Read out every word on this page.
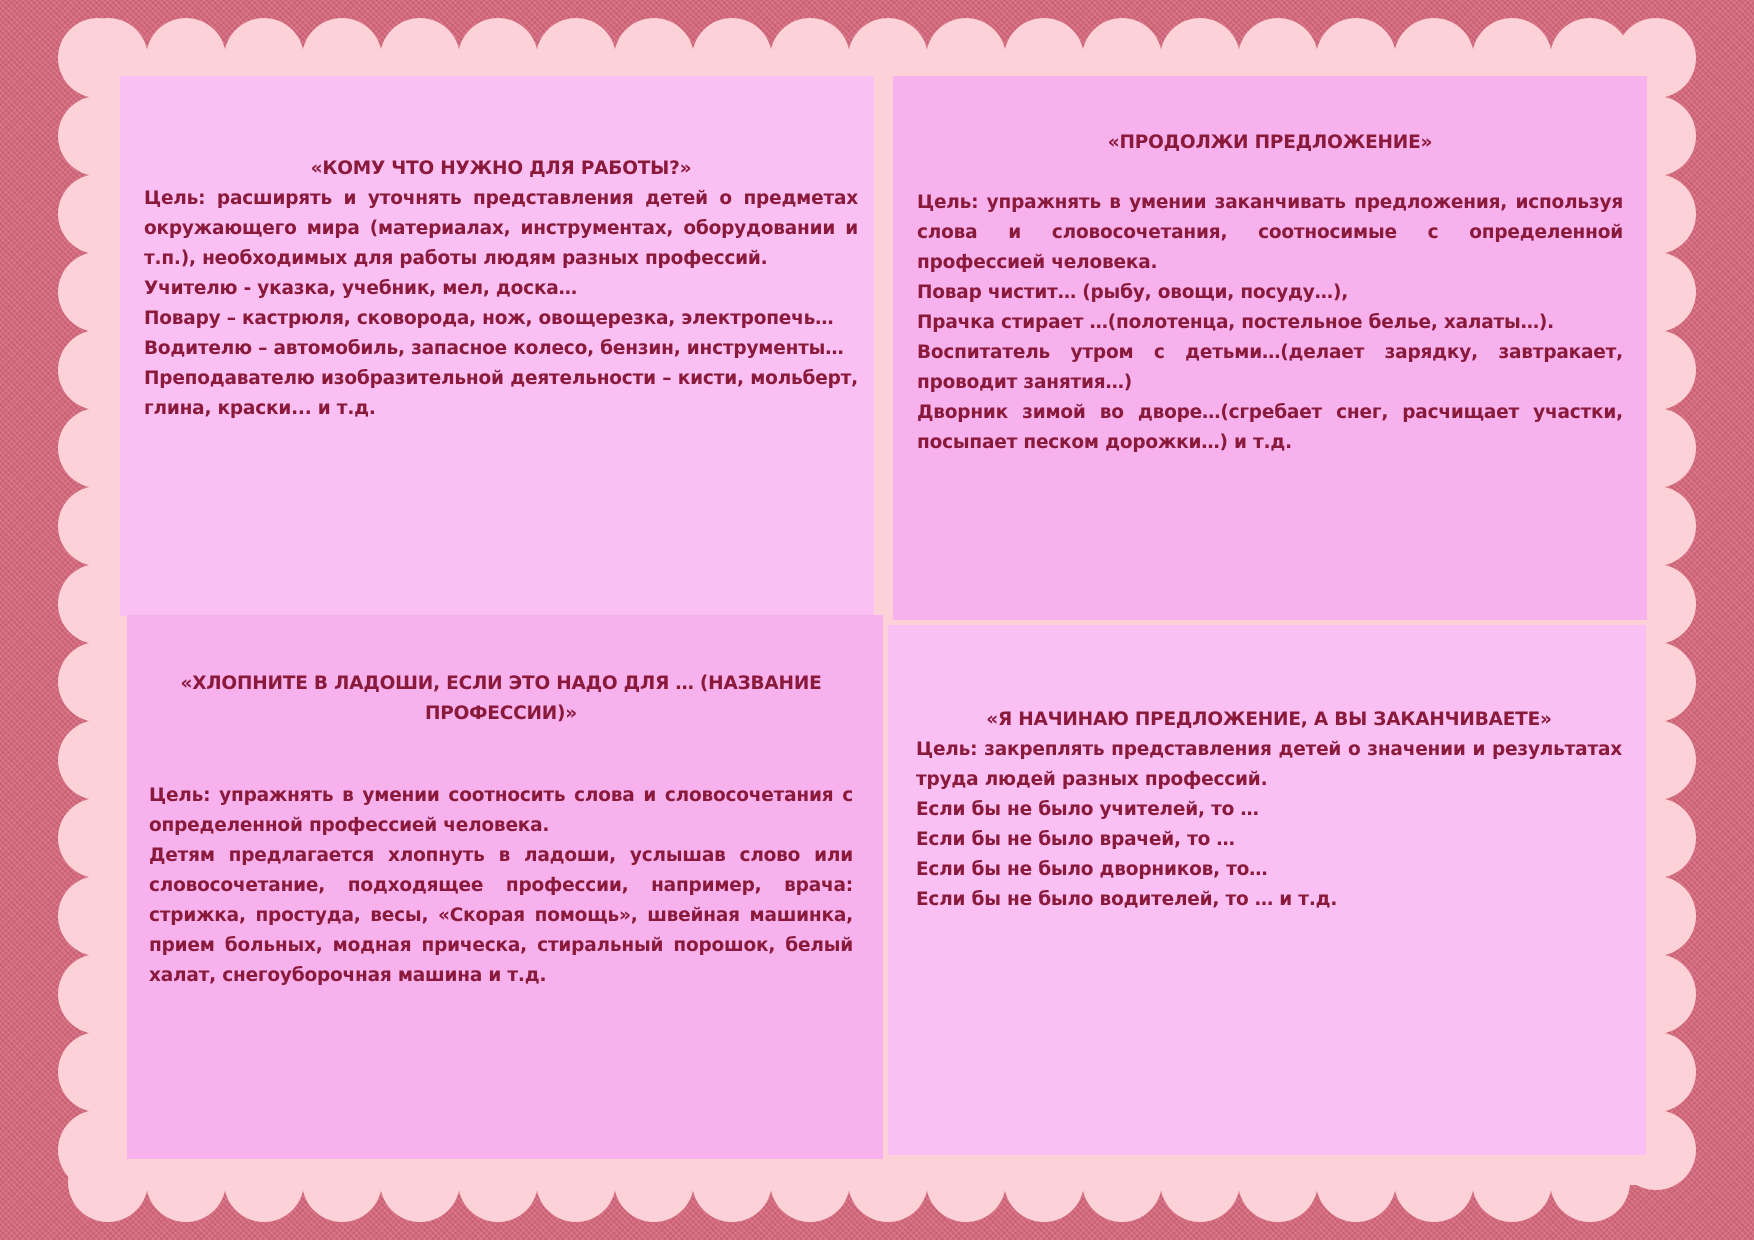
«КОМУ ЧТО НУЖНО ДЛЯ РАБОТЫ?»

Цель: расширять и уточнять представления детей о предметах окружающего мира (материалах, инструментах, оборудовании и т.п.), необходимых для работы людям разных профессий.

Учителю - указка, учебник, мел, доска…

Повару – кастрюля, сковорода, нож, овощерезка, электропечь…

Водителю – автомобиль, запасное колесо, бензин, инструменты…

Преподавателю изобразительной деятельности – кисти, мольберт, глина, краски... и т.д.

«ПРОДОЛЖИ ПРЕДЛОЖЕНИЕ»

Цель: упражнять в умении заканчивать предложения, используя слова и словосочетания, соотносимые с определенной профессией человека.

Повар чистит… (рыбу, овощи, посуду…),

Прачка стирает …(полотенца, постельное белье, халаты…).

Воспитатель утром с детьми…(делает зарядку, завтракает, проводит занятия…)

Дворник зимой во дворе…(сгребает снег, расчищает участки, посыпает песком дорожки…) и т.д.

«ХЛОПНИТЕ В ЛАДОШИ, ЕСЛИ ЭТО НАДО ДЛЯ … (НАЗВАНИЕ ПРОФЕССИИ)»

Цель: упражнять в умении соотносить слова и словосочетания с определенной профессией человека.

Детям предлагается хлопнуть в ладоши, услышав слово или словосочетание, подходящее профессии, например, врача: стрижка, простуда, весы, «Скорая помощь», швейная машинка, прием больных, модная прическа, стиральный порошок, белый халат, снегоуборочная машина и т.д.

«Я НАЧИНАЮ ПРЕДЛОЖЕНИЕ, А ВЫ ЗАКАНЧИВАЕТЕ»

Цель: закреплять представления детей о значении и результатах труда людей разных профессий.

Если бы не было учителей, то …

Если бы не было врачей, то …

Если бы не было дворников, то…

Если бы не было водителей, то … и т.д.
